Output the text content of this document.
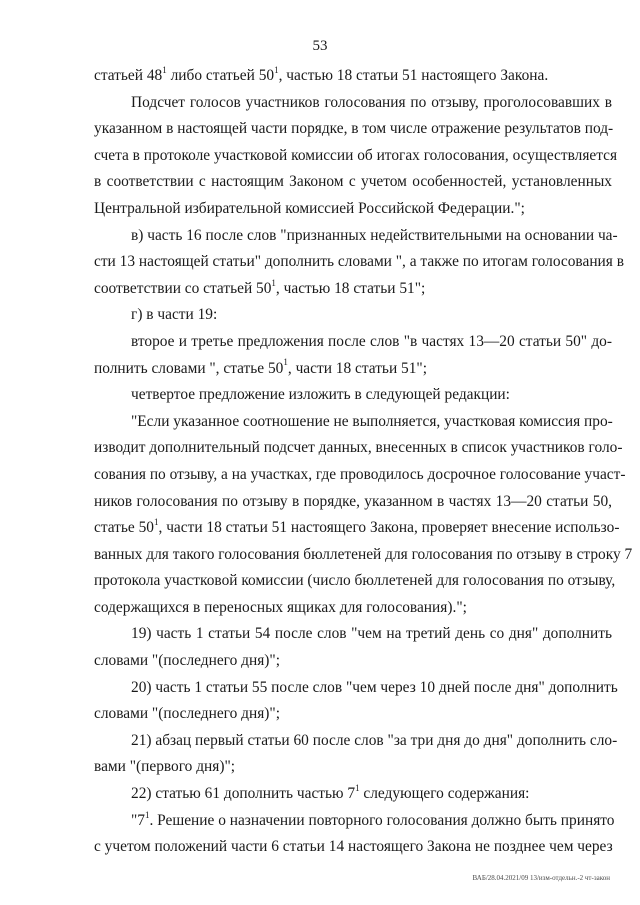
53
статьей $48^1$ либо статьей $50^1$, частью 18 статьи 51 настоящего Закона.
Подсчет голосов участников голосования по отзыву, проголосовавших в
указанном в настоящей части порядке, в том числе отражение результатов под-
счета в протоколе участковой комиссии об итогах голосования, осуществляется
в соответствии с настоящим Законом с учетом особенностей, установленных
Центральной избирательной комиссией Российской Федерации.";
в) часть 16 после слов "признанных недействительными на основании ча-
сти 13 настоящей статьи" дополнить словами ", а также по итогам голосования в
соответствии со статьей $50^1$, частью 18 статьи 51";
г) в части 19:
второе и третье предложения после слов "в частях 13—20 статьи 50" до-
полнить словами ", статье $50^1$, части 18 статьи 51";
четвертое предложение изложить в следующей редакции:
"Если указанное соотношение не выполняется, участковая комиссия про-
изводит дополнительный подсчет данных, внесенных в список участников голо-
сования по отзыву, а на участках, где проводилось досрочное голосование участ-
ников голосования по отзыву в порядке, указанном в частях 13—20 статьи 50,
статье $50^1$, части 18 статьи 51 настоящего Закона, проверяет внесение использо-
ванных для такого голосования бюллетеней для голосования по отзыву в строку 7
протокола участковой комиссии (число бюллетеней для голосования по отзыву,
содержащихся в переносных ящиках для голосования).";
19) часть 1 статьи 54 после слов "чем на третий день со дня" дополнить
словами "(последнего дня)";
20) часть 1 статьи 55 после слов "чем через 10 дней после дня" дополнить
словами "(последнего дня)";
21) абзац первый статьи 60 после слов "за три дня до дня" дополнить сло-
вами "(первого дня)";
22) статью 61 дополнить частью $7^1$ следующего содержания:
"$7^1$. Решение о назначении повторного голосования должно быть принято
с учетом положений части 6 статьи 14 настоящего Закона не позднее чем через
ВАБ/28.04.2021/09 13/изм-отдельн.-2 чт-закон
